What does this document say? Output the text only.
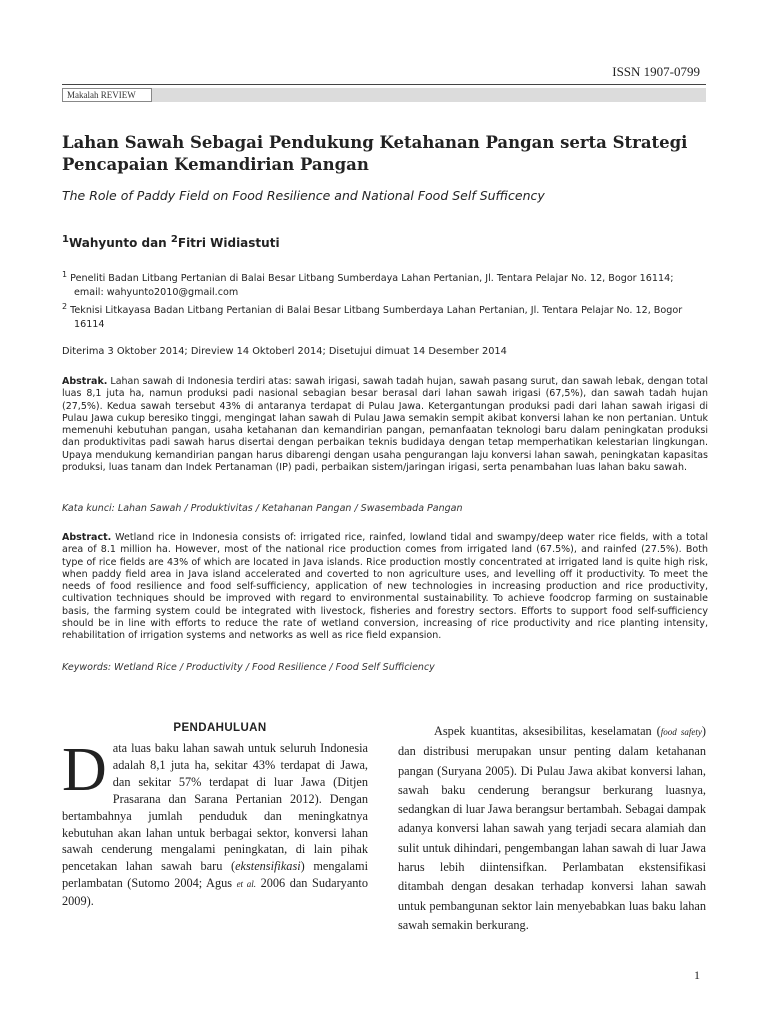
ISSN 1907-0799
Makalah REVIEW
Lahan Sawah Sebagai Pendukung Ketahanan Pangan serta Strategi Pencapaian Kemandirian Pangan
The Role of Paddy Field on Food Resilience and National Food Self Sufficency
$^1$Wahyunto dan $^2$Fitri Widiastuti
$^1$ Peneliti Badan Litbang Pertanian di Balai Besar Litbang Sumberdaya Lahan Pertanian, Jl. Tentara Pelajar No. 12, Bogor 16114;
email: wahyunto2010@gmail.com
$^2$ Teknisi Litkayasa Badan Litbang Pertanian di Balai Besar Litbang Sumberdaya Lahan Pertanian, Jl. Tentara Pelajar No. 12, Bogor
16114
Diterima 3 Oktober 2014; Direview 14 Oktoberl 2014; Disetujui dimuat 14 Desember 2014
Abstrak. Lahan sawah di Indonesia terdiri atas: sawah irigasi, sawah tadah hujan, sawah pasang surut, dan sawah lebak, dengan total luas 8,1 juta ha, namun produksi padi nasional sebagian besar berasal dari lahan sawah irigasi (67,5%), dan sawah tadah hujan (27,5%). Kedua sawah tersebut 43% di antaranya terdapat di Pulau Jawa. Ketergantungan produksi padi dari lahan sawah irigasi di Pulau Jawa cukup beresiko tinggi, mengingat lahan sawah di Pulau Jawa semakin sempit akibat konversi lahan ke non pertanian. Untuk memenuhi kebutuhan pangan, usaha ketahanan dan kemandirian pangan, pemanfaatan teknologi baru dalam peningkatan produksi dan produktivitas padi sawah harus disertai dengan perbaikan teknis budidaya dengan tetap memperhatikan kelestarian lingkungan. Upaya mendukung kemandirian pangan harus dibarengi dengan usaha pengurangan laju konversi lahan sawah, peningkatan kapasitas produksi, luas tanam dan Indek Pertanaman (IP) padi, perbaikan sistem/jaringan irigasi, serta penambahan luas lahan baku sawah.
Kata kunci: Lahan Sawah / Produktivitas / Ketahanan Pangan / Swasembada Pangan
Abstract. Wetland rice in Indonesia consists of: irrigated rice, rainfed, lowland tidal and swampy/deep water rice fields, with a total area of 8.1 million ha. However, most of the national rice production comes from irrigated land (67.5%), and rainfed (27.5%). Both type of rice fields are 43% of which are located in Java islands. Rice production mostly concentrated at irrigated land is quite high risk, when paddy field area in Java island accelerated and coverted to non agriculture uses, and levelling off it productivity. To meet the needs of food resilience and food self-sufficiency, application of new technologies in increasing production and rice productivity, cultivation techniques should be improved with regard to environmental sustainability. To achieve foodcrop farming on sustainable basis, the farming system could be integrated with livestock, fisheries and forestry sectors. Efforts to support food self-sufficiency should be in line with efforts to reduce the rate of wetland conversion, increasing of rice productivity and rice planting intensity, rehabilitation of irrigation systems and networks as well as rice field expansion.
Keywords: Wetland Rice / Productivity / Food Resilience / Food Self Sufficiency
PENDAHULUAN
Data luas baku lahan sawah untuk seluruh Indonesia adalah 8,1 juta ha, sekitar 43% terdapat di Jawa, dan sekitar 57% terdapat di luar Jawa (Ditjen Prasarana dan Sarana Pertanian 2012). Dengan bertambahnya jumlah penduduk dan meningkatnya kebutuhan akan lahan untuk berbagai sektor, konversi lahan sawah cenderung mengalami peningkatan, di lain pihak pencetakan lahan sawah baru (ekstensifikasi) mengalami perlambatan (Sutomo 2004; Agus et al. 2006 dan Sudaryanto 2009).
Aspek kuantitas, aksesibilitas, keselamatan (food safety) dan distribusi merupakan unsur penting dalam ketahanan pangan (Suryana 2005). Di Pulau Jawa akibat konversi lahan, sawah baku cenderung berangsur berkurang luasnya, sedangkan di luar Jawa berangsur bertambah. Sebagai dampak adanya konversi lahan sawah yang terjadi secara alamiah dan sulit untuk dihindari, pengembangan lahan sawah di luar Jawa harus lebih diintensifkan. Perlambatan ekstensifikasi ditambah dengan desakan terhadap konversi lahan sawah untuk pembangunan sektor lain menyebabkan luas baku lahan sawah semakin berkurang.
1
